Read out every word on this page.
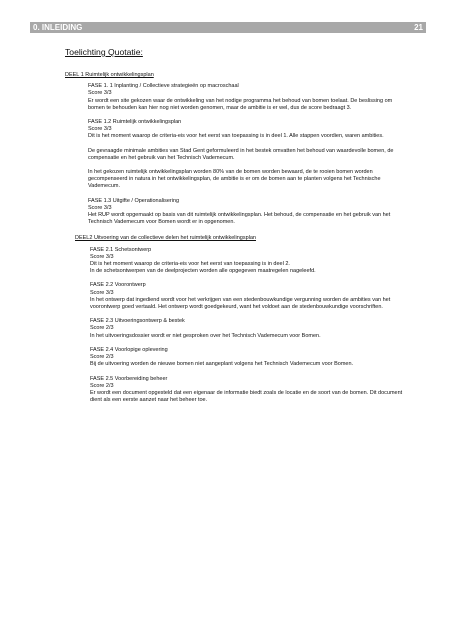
0. INLEIDING	21
Toelichting Quotatie:

DEEL 1 Ruimtelijk ontwikkelingsplan

FASE 1. 1 Inplanting / Collectieve strategieën op macroschaal

Score 3/3

Er wordt een site gekozen waar de ontwikkeling van het nodige programma het behoud van bomen toelaat. De beslissing om bomen te behouden kan hier nog niet worden genomen, maar de ambitie is er wel, dus de score bedraagt 3.

FASE 1.2 Ruimtelijk ontwikkelingsplan

Score 3/3

Dit is het moment waarop de criteria-eis voor het eerst van toepassing is in deel 1. Alle stappen voordien, waren ambities.

De gevraagde minimale ambities van Stad Gent geformuleerd in het bestek omvatten het behoud van waardevolle bomen, de compensatie en het gebruik van het Technisch Vademecum.

In het gekozen ruimtelijk ontwikkelingsplan worden 80% van de bomen worden bewaard, de te rooien bomen worden gecompenseerd in natura in het ontwikkelingsplan, de ambitie is er om de bomen aan te planten volgens het Technische Vademecum.

FASE 1.3 Uitgifte / Operationalisering

Score 3/3

Het RUP wordt opgemaakt op basis van dit ruimtelijk ontwikkelingsplan. Het behoud, de compensatie en het gebruik van het Technisch Vademecum voor Bomen wordt er in opgenomen.

DEEL2 Uitvoering van de collectieve delen het ruimtelijk ontwikkelingsplan

FASE 2.1 Schetsontwerp

Score 3/3

Dit is het moment waarop de criteria-eis voor het eerst van toepassing is in deel 2.

In de schetsontwerpen van de deelprojecten worden alle opgegeven maatregelen nageleefd.

FASE 2.2 Voorontwerp

Score 3/3

In het ontwerp dat ingediend wordt voor het verkrijgen van een stedenbouwkundige vergunning worden de ambities van het voorontwerp goed vertaald. Het ontwerp wordt goedgekeurd, want het voldoet aan de stedenbouwkundige voorschriften.

FASE 2.3 Uitvoeringsontwerp & bestek

Score 2/3

In het uitvoeringsdossier wordt er niet gesproken over het Technisch Vademecum voor Bomen.

FASE 2.4 Voorlopige oplevering

Score 2/3

Bij de uitvoering worden de nieuwe bomen niet aangeplant volgens het Technisch Vademecum voor Bomen.

FASE 2.5 Voorbereiding beheer

Score 2/3

Er wordt een document opgesteld dat een eigenaar de informatie biedt zoals de locatie en de soort van de bomen. Dit document dient als een eerste aanzet naar het beheer toe.
